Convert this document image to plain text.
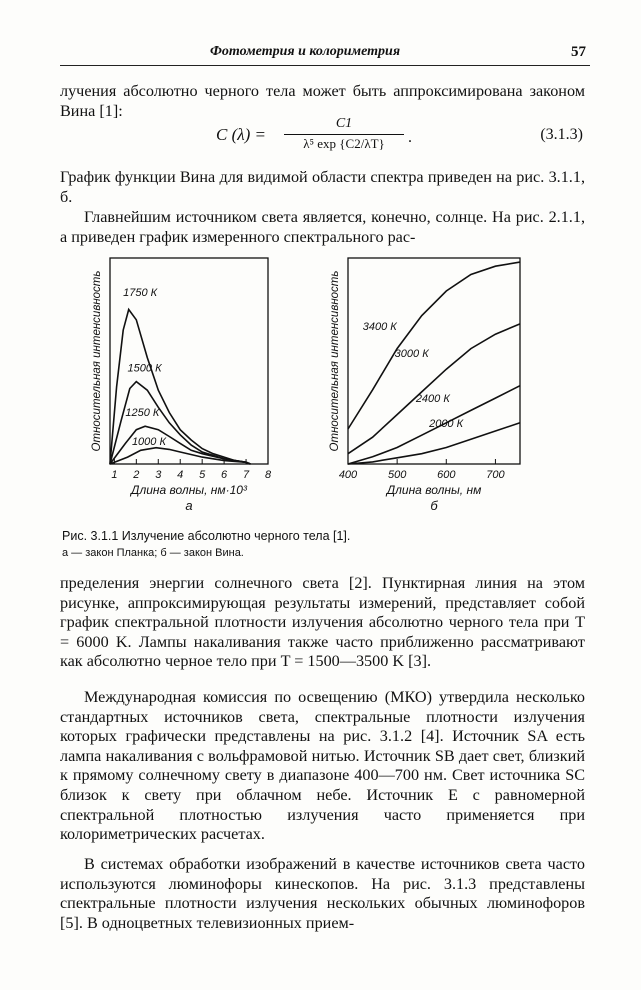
Фотометрия и колориметрия	57

лучения абсолютно черного тела может быть аппроксимирована законом Вина [1]:

C (λ) =
C1
λ⁵ exp {C2/λT}	.	(3.1.3)

График функции Вина для видимой области спектра приведен на рис. 3.1.1, б.

Главнейшим источником света является, конечно, солнце. На рис. 2.1.1, а приведен график измеренного спектрального рас-

1 2 3 4 5 6 7 8
Длина волны, нм·10³
а
Относительная интенсивность 1750 К
1500 К
1250 К
1000 К
400	500	600	700
Длина волны, нм
б
Относительная интенсивность 3400 К
3000 К
2400 К
2000 К
Рис. 3.1.1 Излучение абсолютно черного тела [1].
а — закон Планка; б — закон Вина.

пределения энергии солнечного света [2]. Пунктирная линия на этом рисунке, аппроксимирующая результаты измерений, представляет собой график спектральной плотности излучения абсолютно черного тела при T = 6000 K. Лампы накаливания также часто приближенно рассматривают как абсолютно черное тело при T = 1500—3500 K [3].

Международная комиссия по освещению (МКО) утвердила несколько стандартных источников света, спектральные плотности излучения которых графически представлены на рис. 3.1.2 [4]. Источник SA есть лампа накаливания с вольфрамовой нитью. Источник SB дает свет, близкий к прямому солнечному свету в диапазоне 400—700 нм. Свет источника SC близок к свету при облачном небе. Источник E с равномерной спектральной плотностью излучения часто применяется при колориметрических расчетах.

В системах обработки изображений в качестве источников света часто используются люминофоры кинескопов. На рис. 3.1.3 представлены спектральные плотности излучения нескольких обычных люминофоров [5]. В одноцветных телевизионных прием-
